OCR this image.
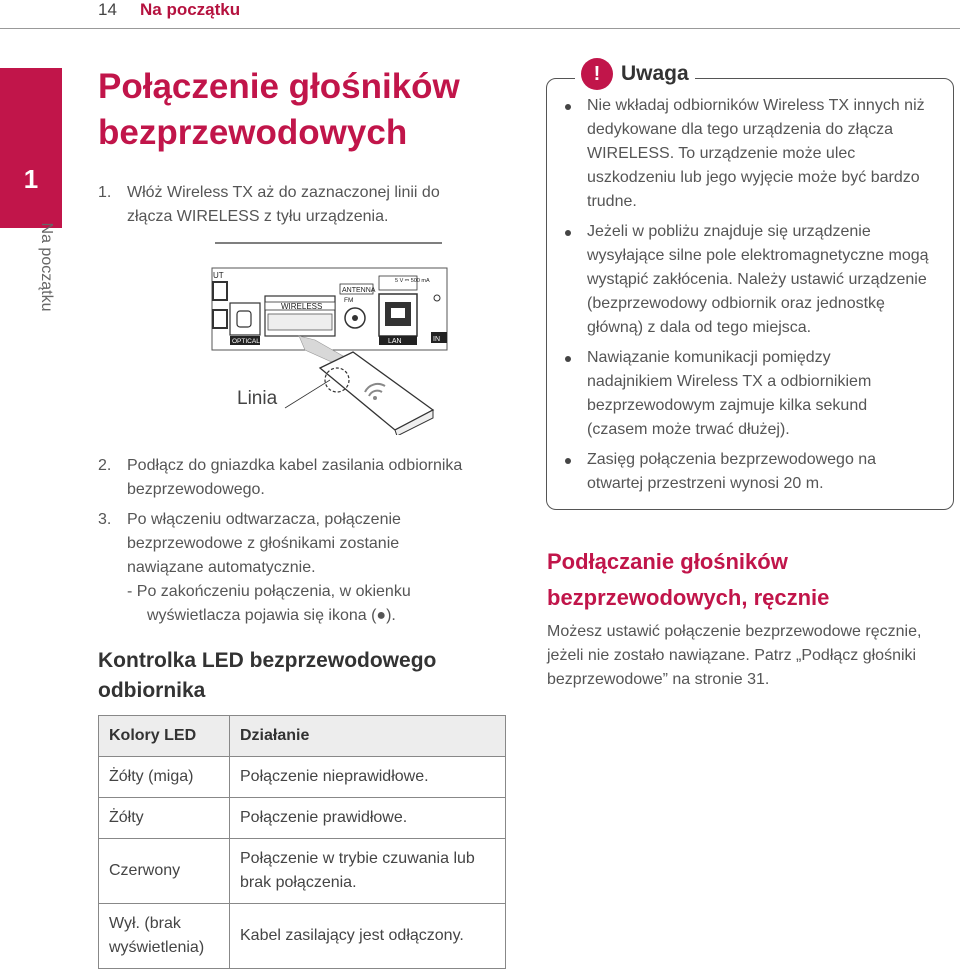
14 Na początku
1
Na początku
Połączenie głośników bezprzewodowych
1. Włóż Wireless TX aż do zaznaczonej linii do złącza WIRELESS z tyłu urządzenia.
UT
OPTICAL IN
WIRELESS
ANTENNA
FM
5 V ⎓ 500 mA
LAN	IN
Linia
2. Podłącz do gniazdka kabel zasilania odbiornika bezprzewodowego.
3. Po włączeniu odtwarzacza, połączenie bezprzewodowe z głośnikami zostanie nawiązane automatycznie.
- Po zakończeniu połączenia, w okienku wyświetlacza pojawia się ikona (●).
Kontrolka LED bezprzewodowego odbiornika
Kolory LED	Działanie
Żółty (miga)	Połączenie nieprawidłowe.
Żółty	Połączenie prawidłowe.
Czerwony	Połączenie w trybie czuwania lub brak połączenia.
Wył. (brak wyświetlenia)	Kabel zasilający jest odłączony.
! Uwaga
Nie wkładaj odbiorników Wireless TX innych niż dedykowane dla tego urządzenia do złącza WIRELESS. To urządzenie może ulec uszkodzeniu lub jego wyjęcie może być bardzo trudne.
Jeżeli w pobliżu znajduje się urządzenie wysyłające silne pole elektromagnetyczne mogą wystąpić zakłócenia. Należy ustawić urządzenie (bezprzewodowy odbiornik oraz jednostkę główną) z dala od tego miejsca.
Nawiązanie komunikacji pomiędzy nadajnikiem Wireless TX a odbiornikiem bezprzewodowym zajmuje kilka sekund (czasem może trwać dłużej).
Zasięg połączenia bezprzewodowego na otwartej przestrzeni wynosi 20 m.
Podłączanie głośników bezprzewodowych, ręcznie
Możesz ustawić połączenie bezprzewodowe ręcznie, jeżeli nie zostało nawiązane. Patrz „Podłącz głośniki bezprzewodowe” na stronie 31.
